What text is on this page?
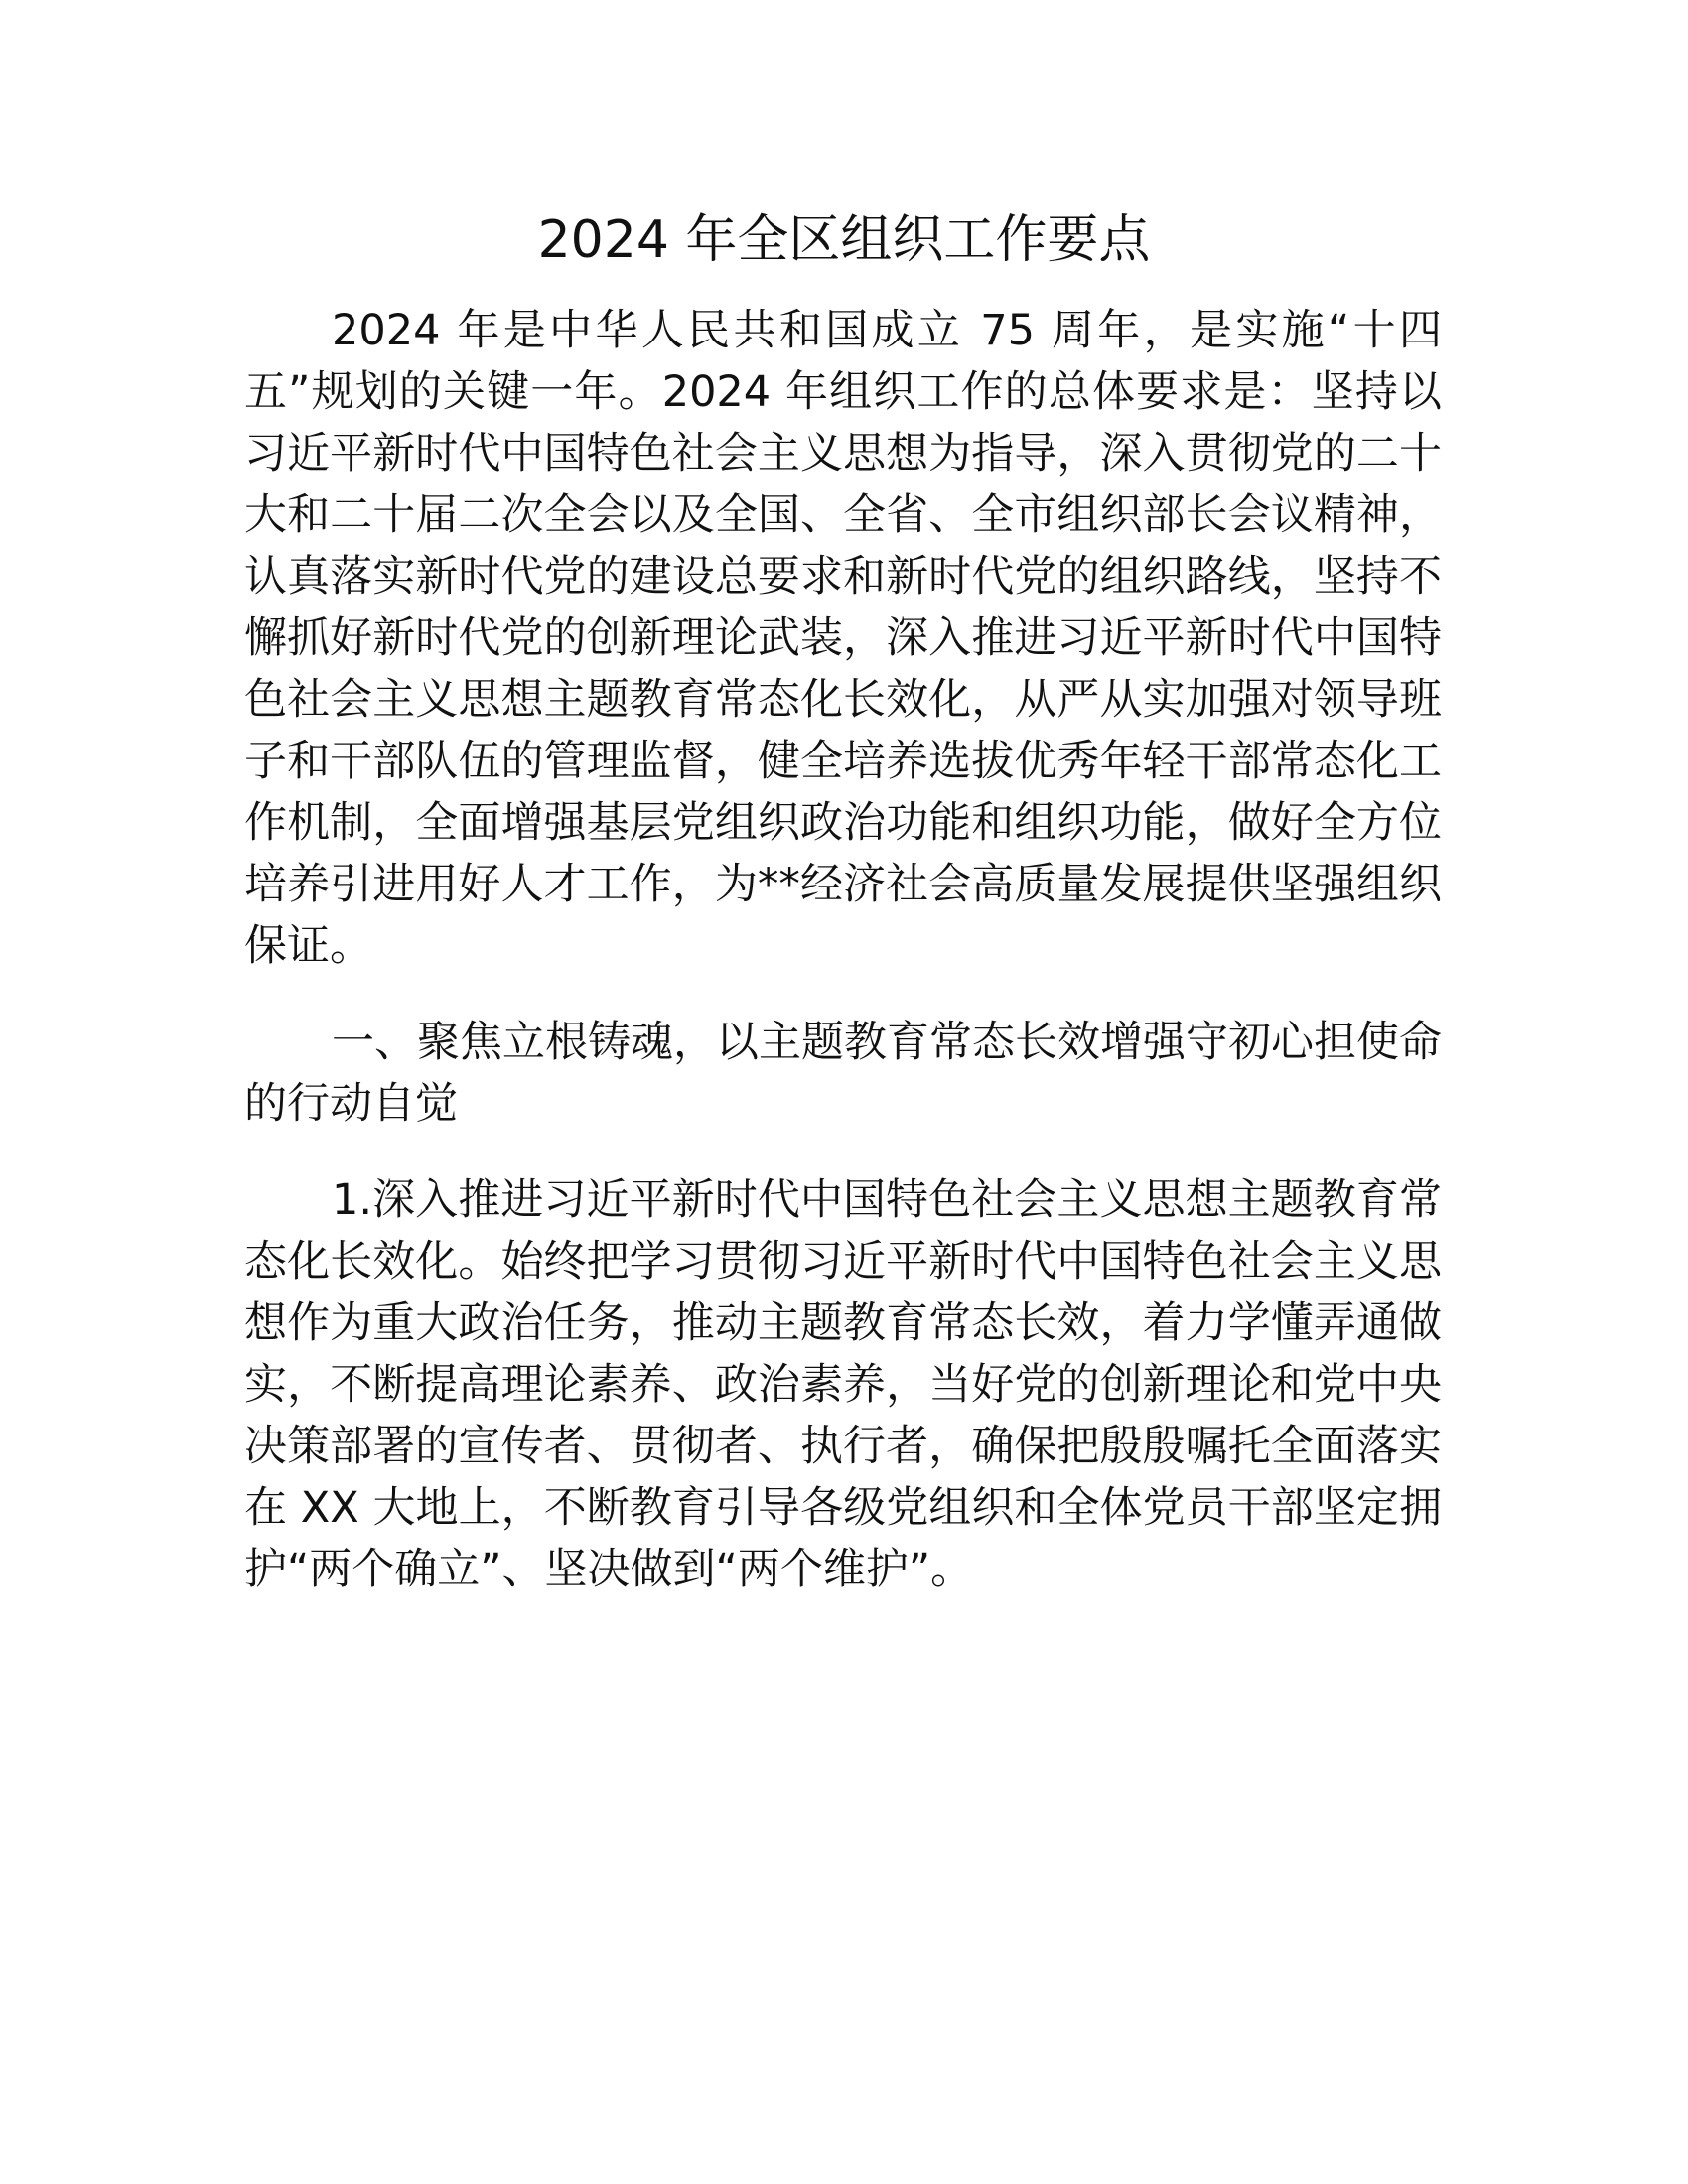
2024 年全区组织工作要点

2024 年是中华人民共和国成立 75 周年，是实施“十四五”规划的关键一年。2024 年组织工作的总体要求是：坚持以习近平新时代中国特色社会主义思想为指导，深入贯彻党的二十大和二十届二次全会以及全国、全省、全市组织部长会议精神，认真落实新时代党的建设总要求和新时代党的组织路线，坚持不懈抓好新时代党的创新理论武装，深入推进习近平新时代中国特色社会主义思想主题教育常态化长效化，从严从实加强对领导班子和干部队伍的管理监督，健全培养选拔优秀年轻干部常态化工作机制，全面增强基层党组织政治功能和组织功能，做好全方位培养引进用好人才工作，为**经济社会高质量发展提供坚强组织保证。

一、聚焦立根铸魂，以主题教育常态长效增强守初心担使命的行动自觉

1.深入推进习近平新时代中国特色社会主义思想主题教育常态化长效化。始终把学习贯彻习近平新时代中国特色社会主义思想作为重大政治任务，推动主题教育常态长效，着力学懂弄通做实，不断提高理论素养、政治素养，当好党的创新理论和党中央决策部署的宣传者、贯彻者、执行者，确保把殷殷嘱托全面落实在 XX 大地上，不断教育引导各级党组织和全体党员干部坚定拥护“两个确立”、坚决做到“两个维护”。
